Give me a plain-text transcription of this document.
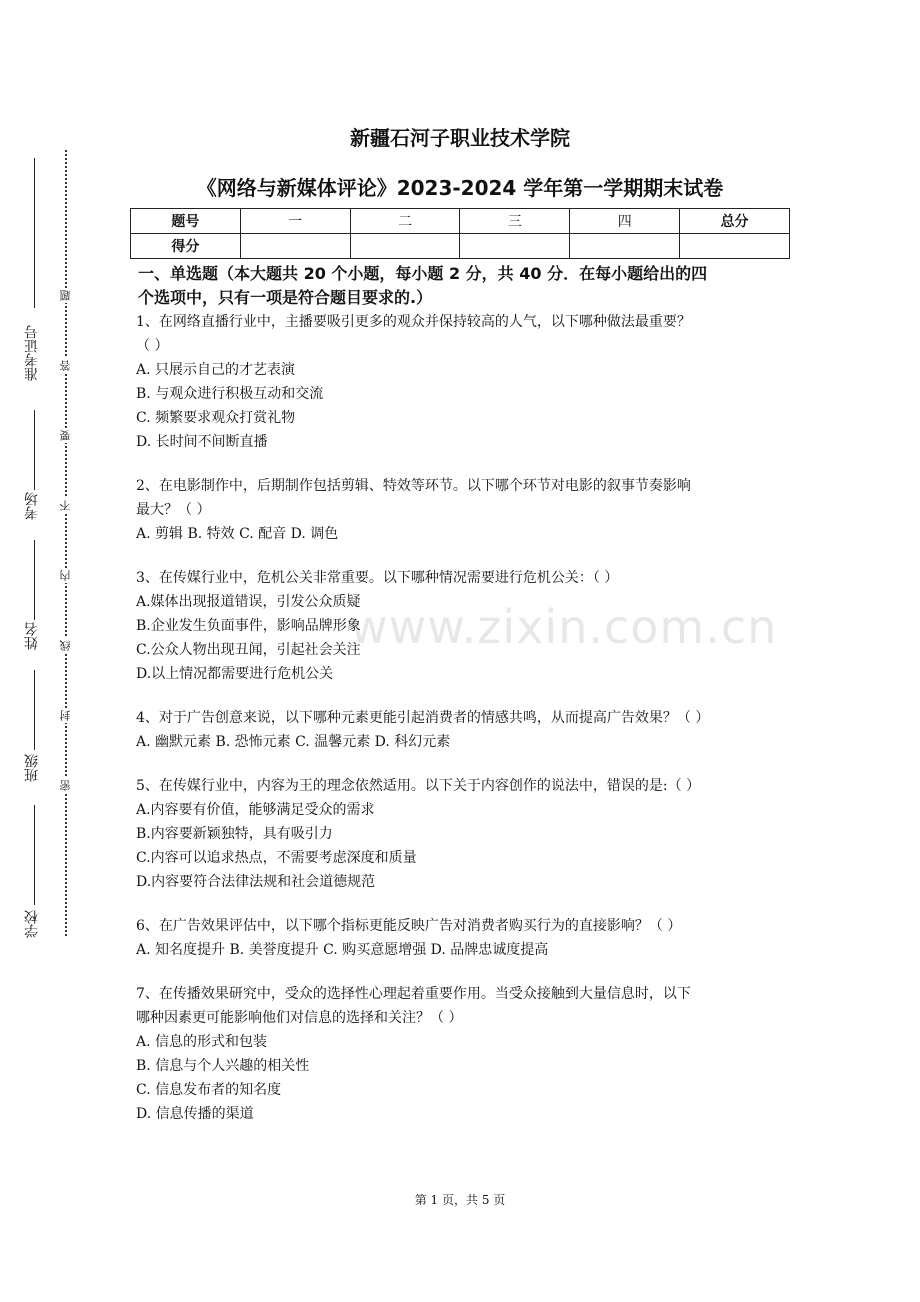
准考证号
考场
姓名
班级
学校
题
答
要
不
内
线
封
密
新疆石河子职业技术学院
《网络与新媒体评论》2023-2024 学年第一学期期末试卷
题号	一	二	三	四	总分
得分					
一、单选题（本大题共 20 个小题，每小题 2 分，共 40 分．在每小题给出的四
个选项中，只有一项是符合题目要求的.）

1、在网络直播行业中，主播要吸引更多的观众并保持较高的人气，以下哪种做法最重要？

（ ）

A. 只展示自己的才艺表演

B. 与观众进行积极互动和交流

C. 频繁要求观众打赏礼物

D. 长时间不间断直播

2、在电影制作中，后期制作包括剪辑、特效等环节。以下哪个环节对电影的叙事节奏影响

最大？（ ）

A. 剪辑 B. 特效 C. 配音 D. 调色

3、在传媒行业中，危机公关非常重要。以下哪种情况需要进行危机公关：（ ）

A.媒体出现报道错误，引发公众质疑

B.企业发生负面事件，影响品牌形象

C.公众人物出现丑闻，引起社会关注

D.以上情况都需要进行危机公关

4、对于广告创意来说，以下哪种元素更能引起消费者的情感共鸣，从而提高广告效果？（ ）

A. 幽默元素 B. 恐怖元素 C. 温馨元素 D. 科幻元素

5、在传媒行业中，内容为王的理念依然适用。以下关于内容创作的说法中，错误的是:（ ）

A.内容要有价值，能够满足受众的需求

B.内容要新颖独特，具有吸引力

C.内容可以追求热点，不需要考虑深度和质量

D.内容要符合法律法规和社会道德规范

6、在广告效果评估中，以下哪个指标更能反映广告对消费者购买行为的直接影响？（ ）

A. 知名度提升 B. 美誉度提升 C. 购买意愿增强 D. 品牌忠诚度提高

7、在传播效果研究中，受众的选择性心理起着重要作用。当受众接触到大量信息时，以下

哪种因素更可能影响他们对信息的选择和关注？（ ）

A. 信息的形式和包装

B. 信息与个人兴趣的相关性

C. 信息发布者的知名度

D. 信息传播的渠道

www.zixin.com.cn
第 1 页，共 5 页
